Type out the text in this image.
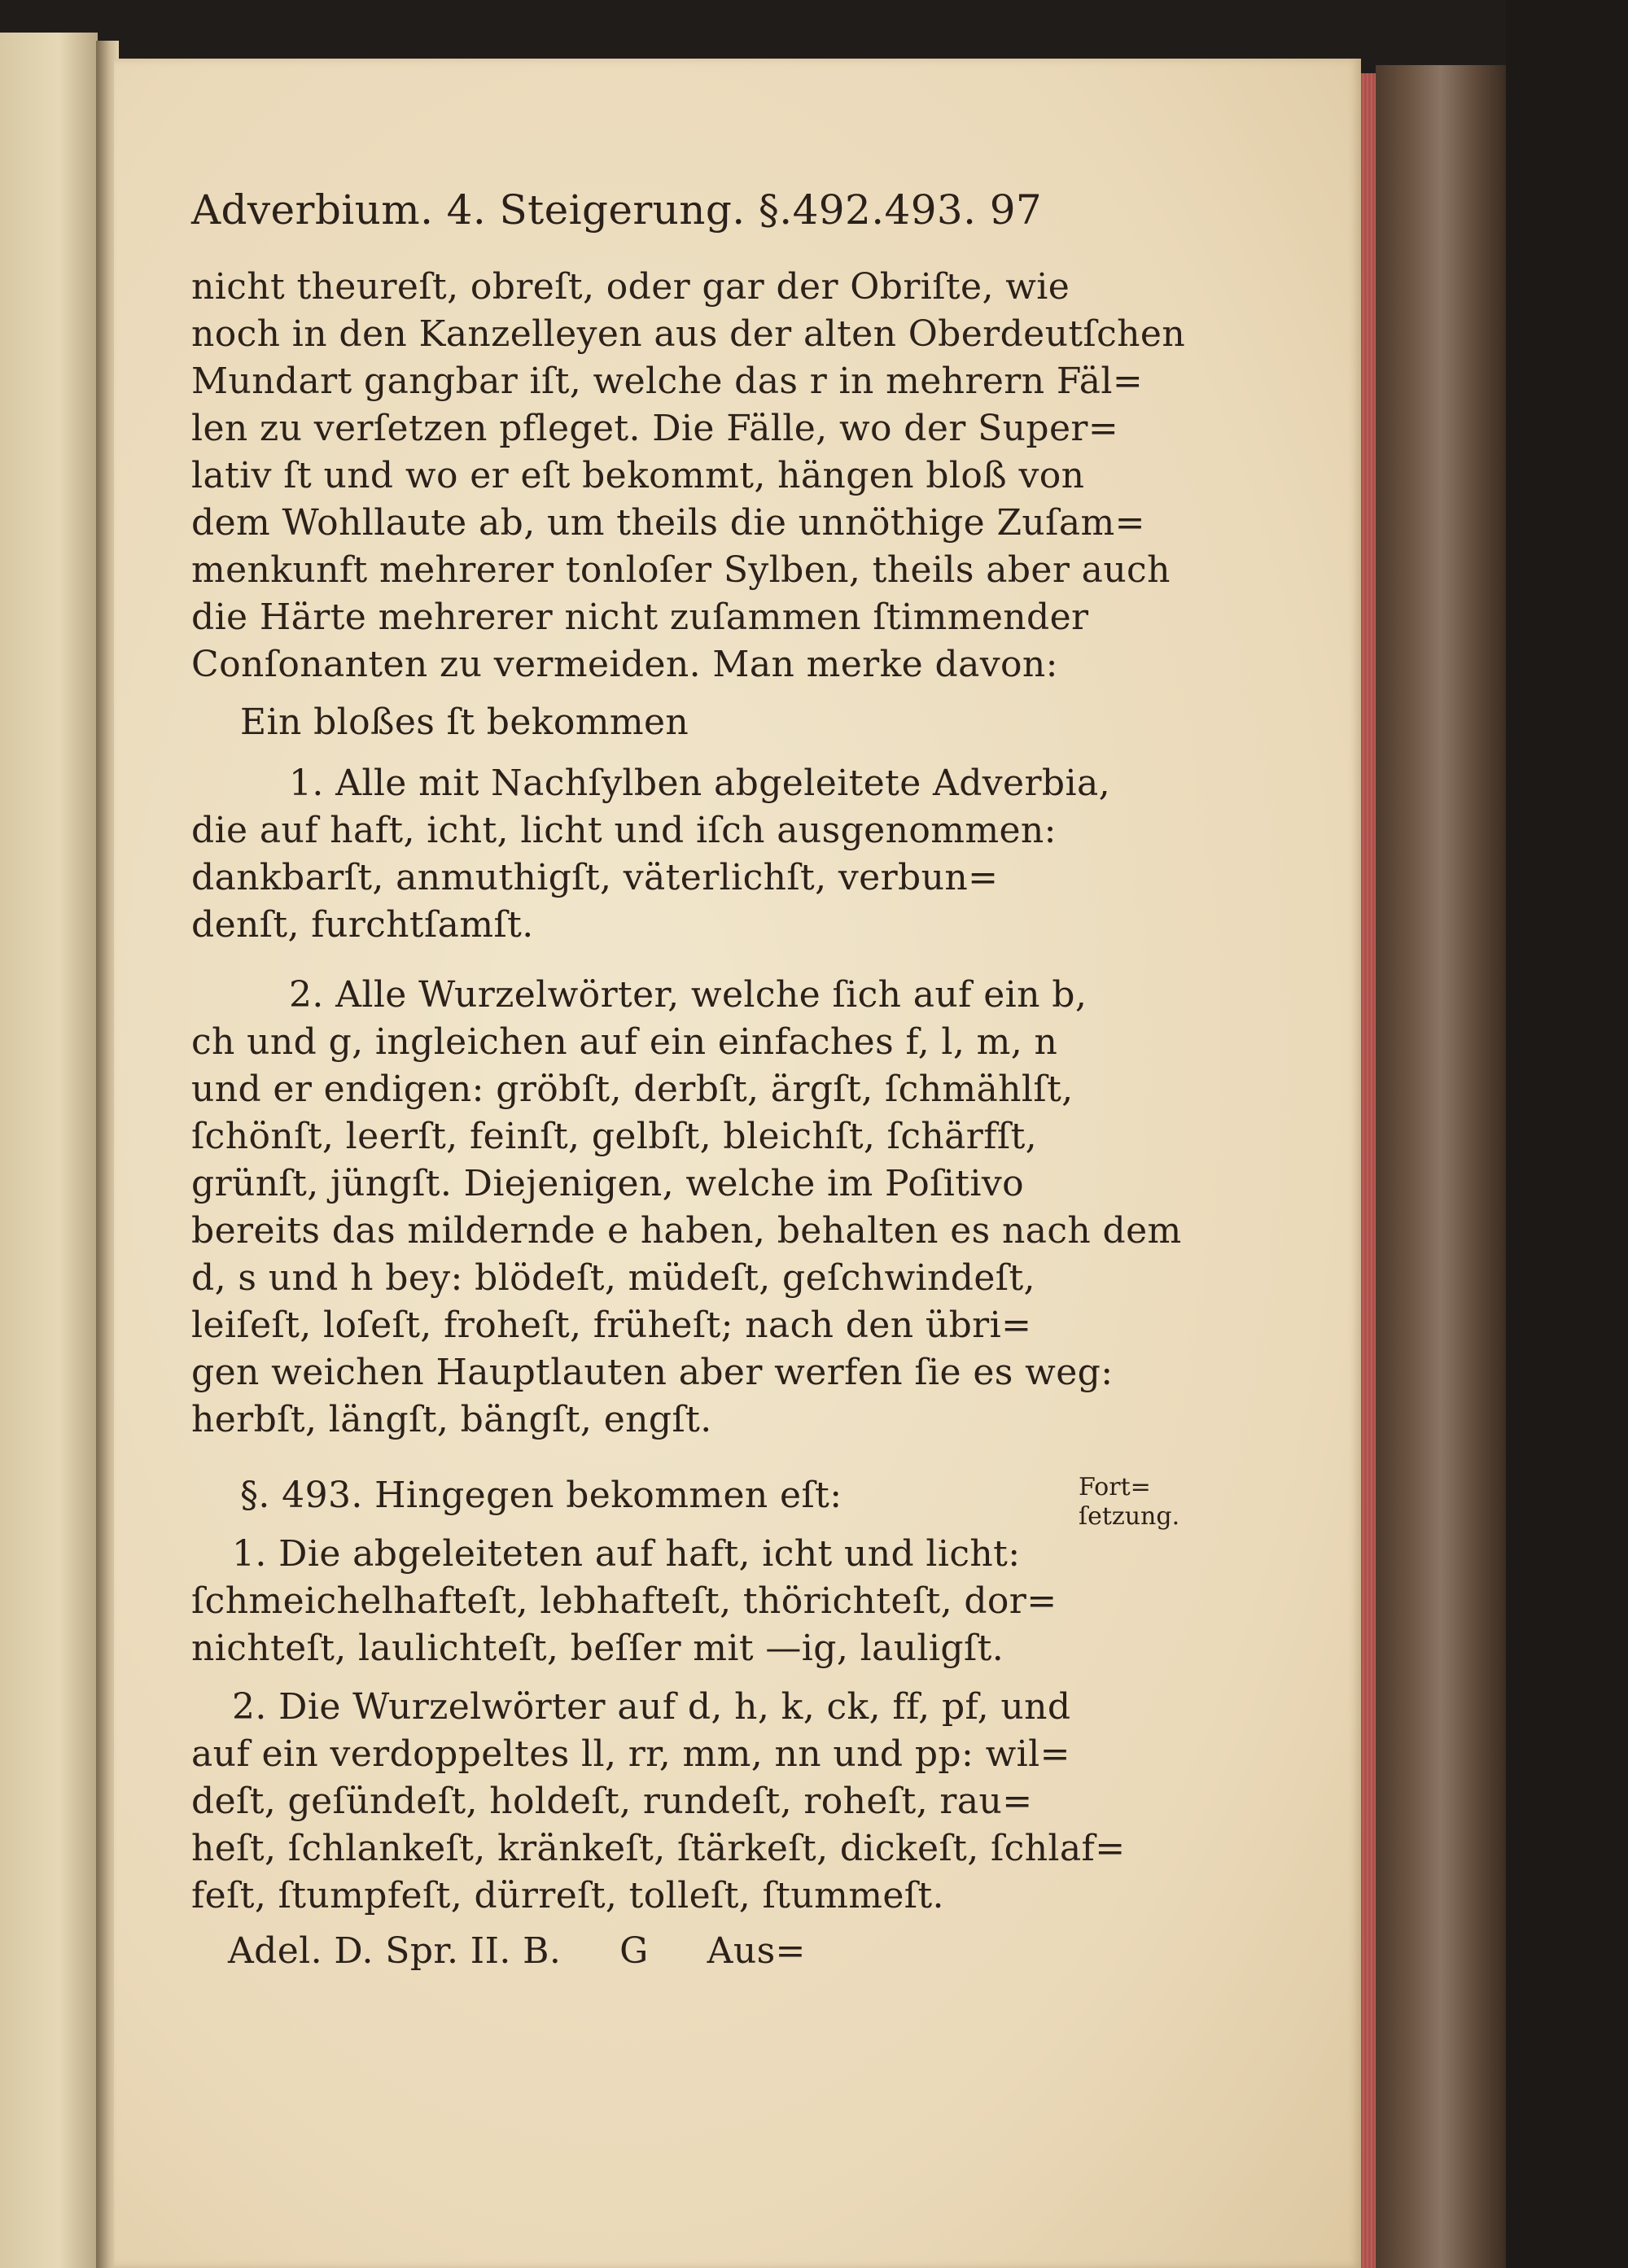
Adverbium. 4. Steigerung. §.492.493. 97
nicht theureſt, obreſt, oder gar der Obriſte, wie
noch in den Kanzelleyen aus der alten Oberdeutſchen
Mundart gangbar iſt, welche das r in mehrern Fäl=
len zu verſetzen pfleget. Die Fälle, wo der Super=
lativ ſt und wo er eſt bekommt, hängen bloß von
dem Wohllaute ab, um theils die unnöthige Zuſam=
menkunft mehrerer tonloſer Sylben, theils aber auch
die Härte mehrerer nicht zuſammen ſtimmender
Conſonanten zu vermeiden. Man merke davon:
Ein bloßes ſt bekommen
1. Alle mit Nachſylben abgeleitete Adverbia,
die auf haft, icht, licht und iſch ausgenommen:
dankbarſt, anmuthigſt, väterlichſt, verbun=
denſt, furchtſamſt.
2. Alle Wurzelwörter, welche ſich auf ein b,
ch und g, ingleichen auf ein einfaches f, l, m, n
und er endigen: gröbſt, derbſt, ärgſt, ſchmählſt,
ſchönſt, leerſt, feinſt, gelbſt, bleichſt, ſchärfſt,
grünſt, jüngſt. Diejenigen, welche im Poſitivo
bereits das mildernde e haben, behalten es nach dem
d, s und h bey: blödeſt, müdeſt, geſchwindeſt,
leiſeſt, loſeſt, froheſt, früheſt; nach den übri=
gen weichen Hauptlauten aber werfen ſie es weg:
herbſt, längſt, bängſt, engſt.
§. 493. Hingegen bekommen eſt:
1. Die abgeleiteten auf haft, icht und licht:
ſchmeichelhafteſt, lebhafteſt, thörichteſt, dor=
nichteſt, laulichteſt, beſſer mit —ig, lauligſt.
2. Die Wurzelwörter auf d, h, k, ck, ff, pf, und
auf ein verdoppeltes ll, rr, mm, nn und pp: wil=
deſt, geſündeſt, holdeſt, rundeſt, roheſt, rau=
heſt, ſchlankeſt, kränkeſt, ſtärkeſt, dickeſt, ſchlaf=
feſt, ſtumpfeſt, dürreſt, tolleſt, ſtummeſt.
Adel. D. Spr. II. B.     G     Aus=
Fort=
ſetzung.
